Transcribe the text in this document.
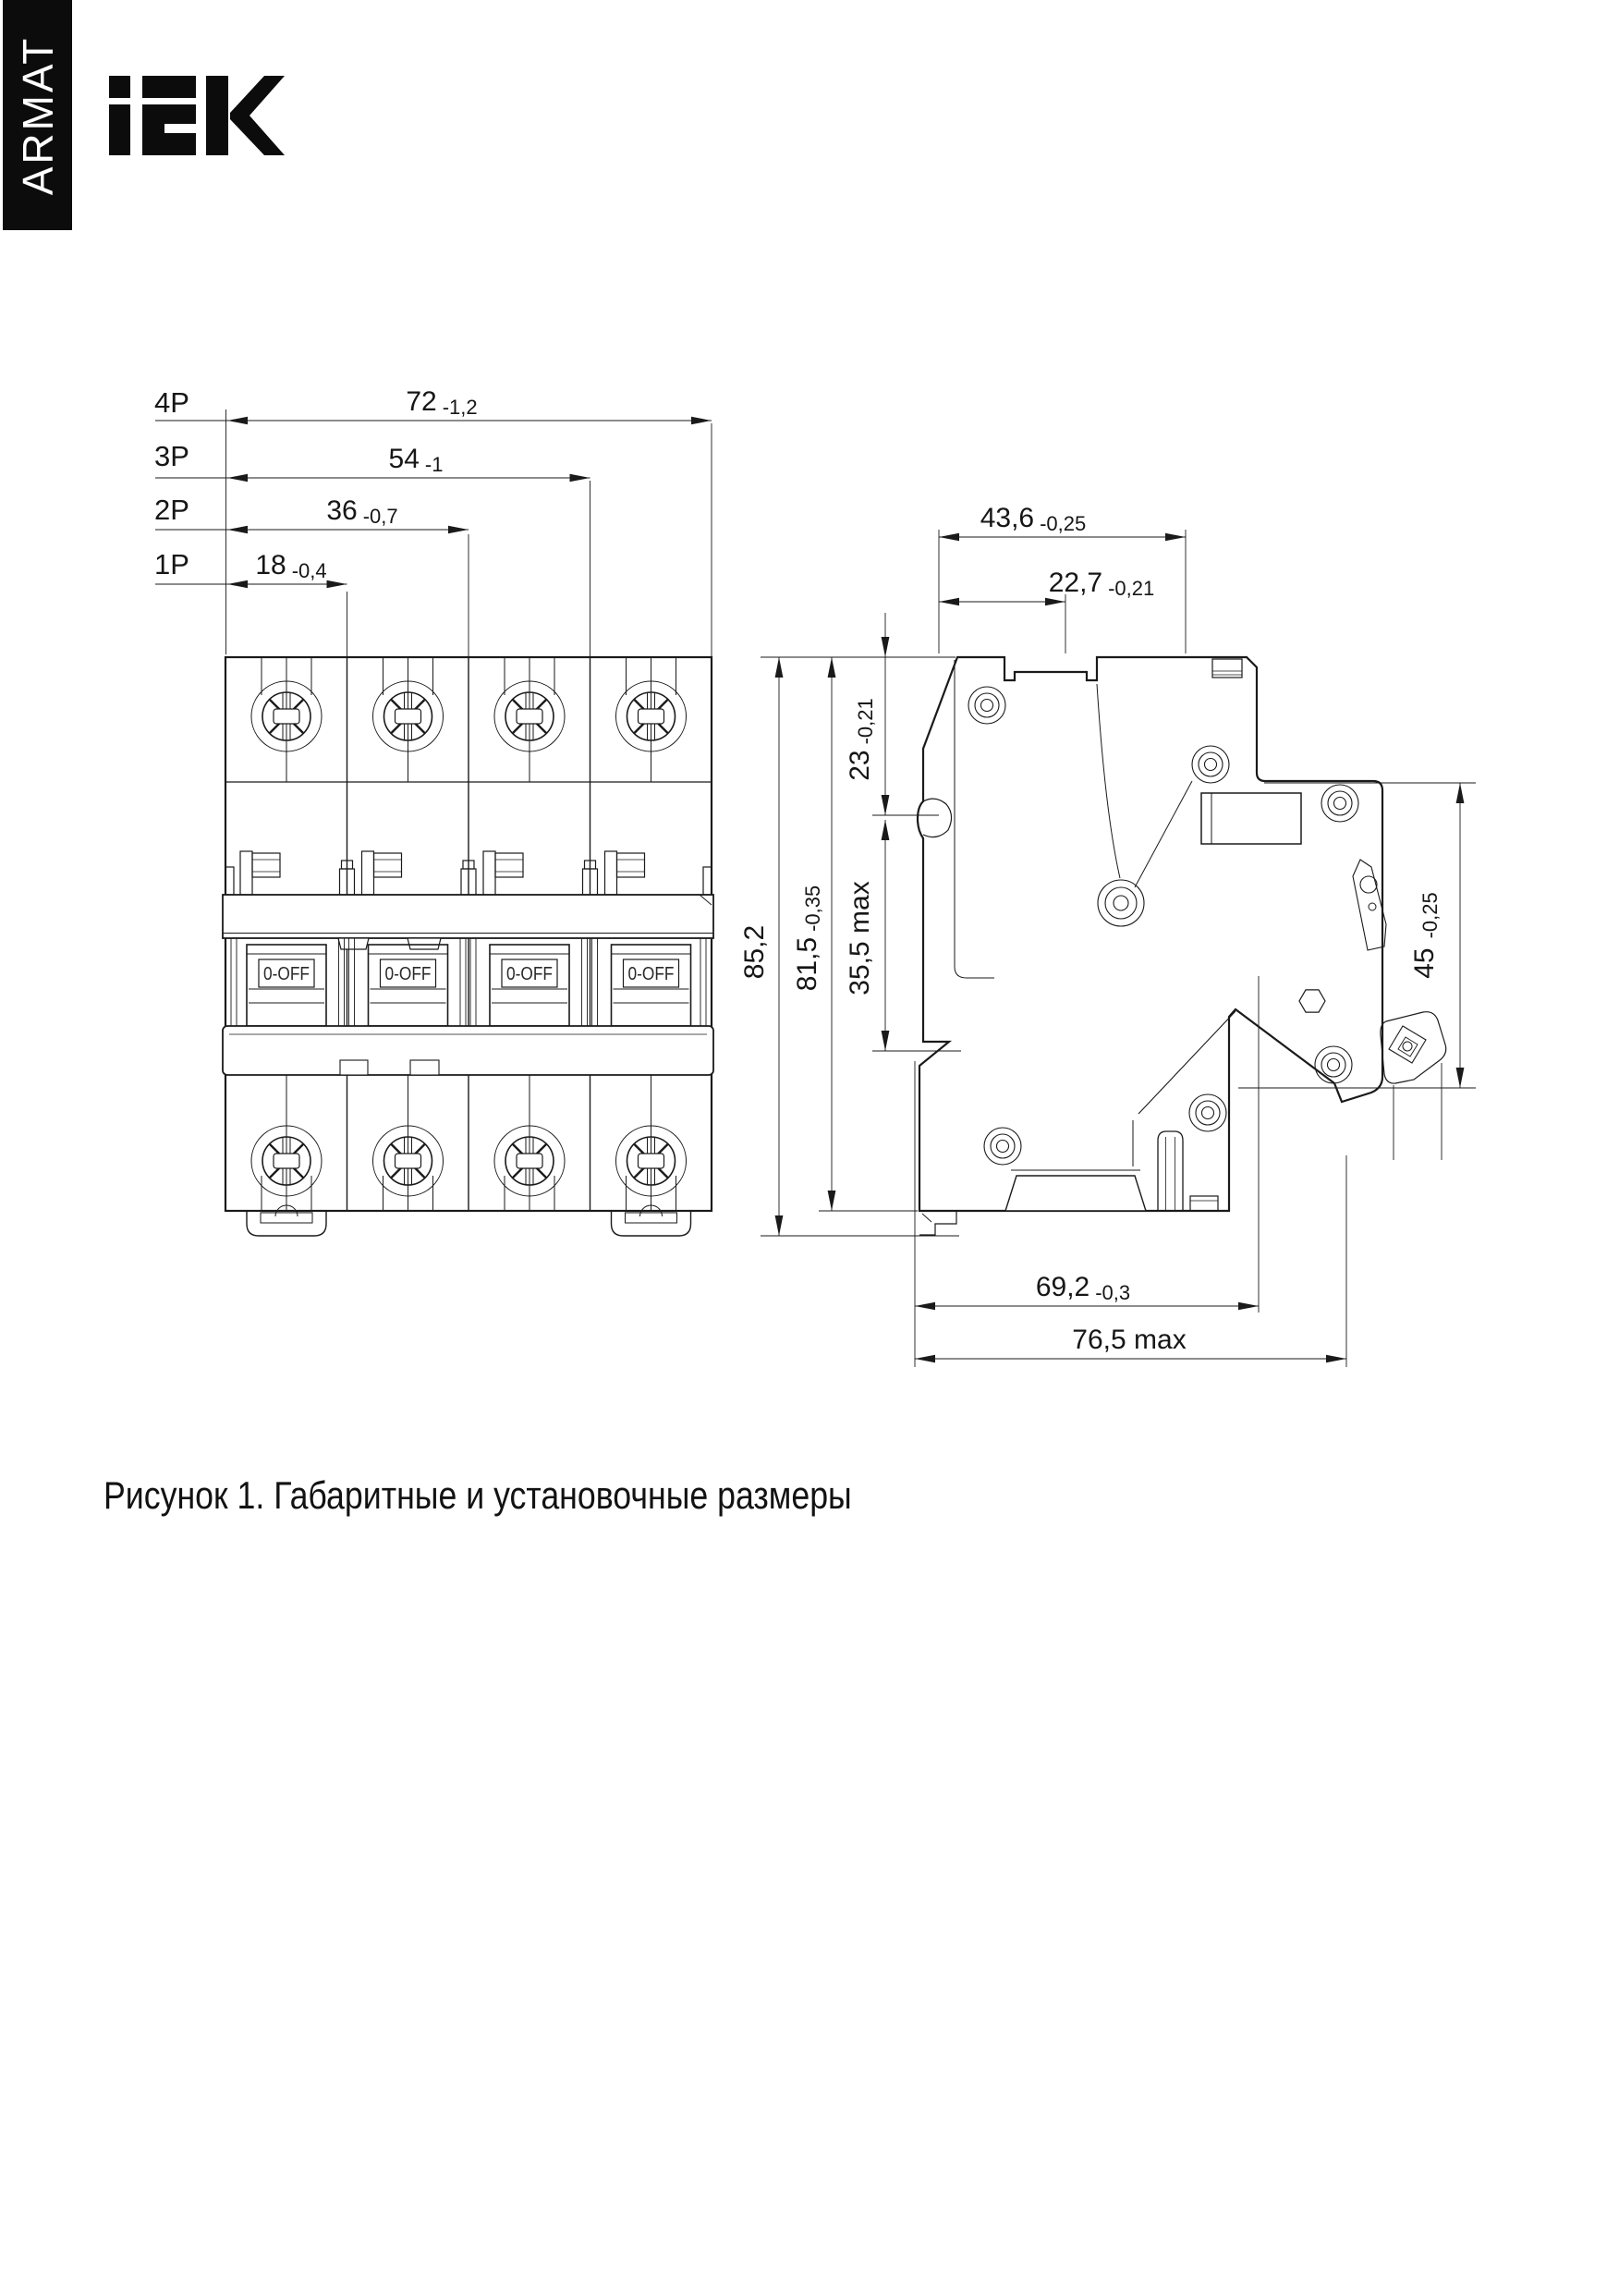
ARMAT
0-OFF	0-OFF	0-OFF	0-OFF
4P
3P
2P
1P
72 -1,2
54 -1
36 -0,7
18 -0,4
43,6 -0,25
22,7 -0,21
23-0,21
35,5 max
85,2 81,5-0,35
45-0,25
69,2 -0,3
76,5 max
Рисунок 1. Габаритные и установочные размеры
